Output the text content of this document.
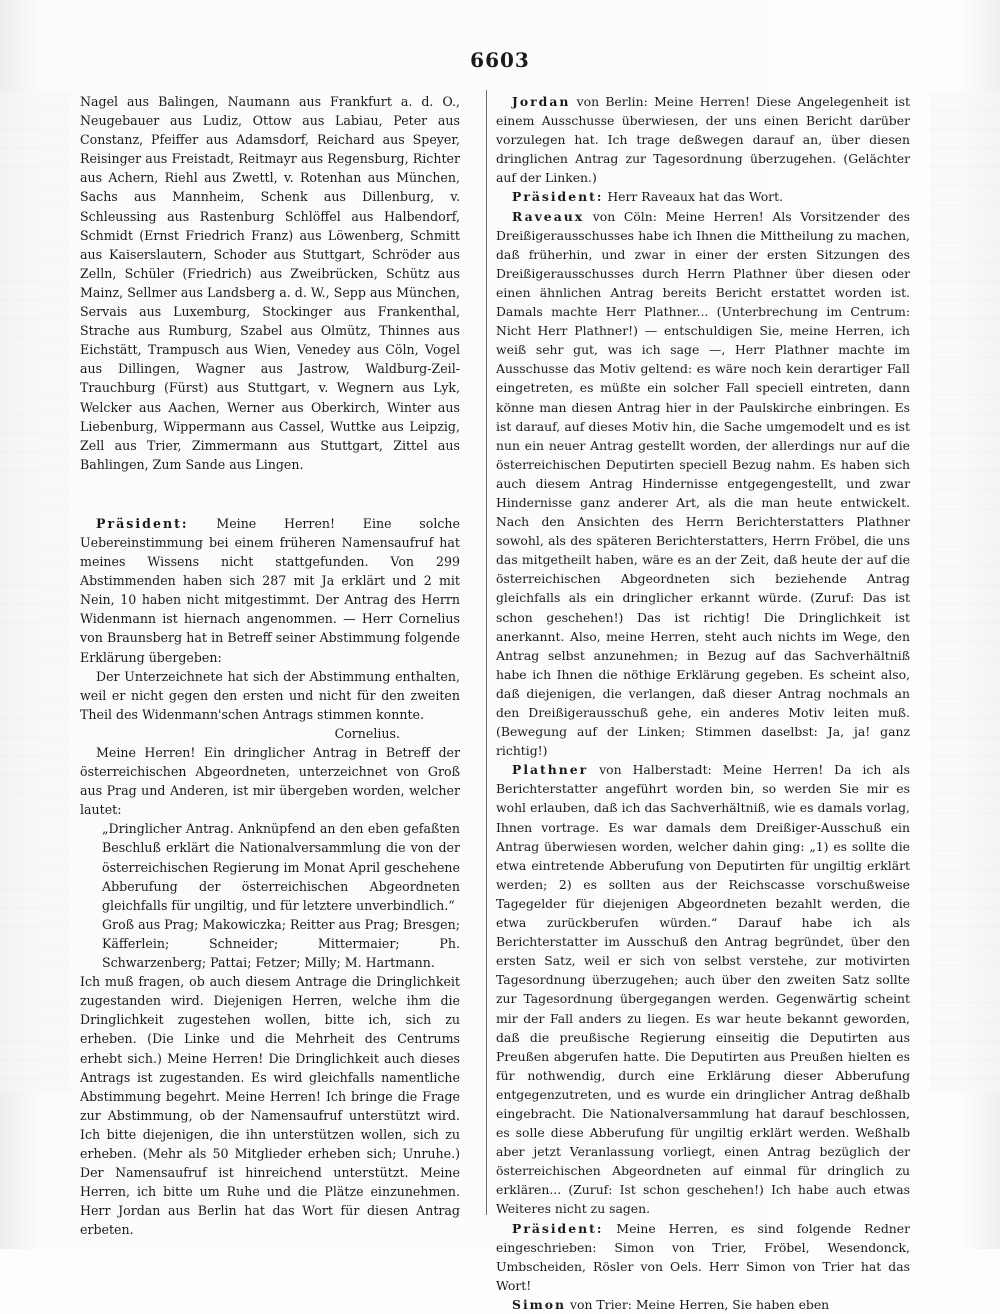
6603

Nagel aus Balingen, Naumann aus Frankfurt a. d. O., Neugebauer aus Ludiz, Ottow aus Labiau, Peter aus Constanz, Pfeiffer aus Adamsdorf, Reichard aus Speyer, Reisinger aus Freistadt, Reitmayr aus Regensburg, Richter aus Achern, Riehl aus Zwettl, v. Rotenhan aus München, Sachs aus Mannheim, Schenk aus Dillenburg, v. Schleussing aus Rastenburg Schlöffel aus Halbendorf, Schmidt (Ernst Friedrich Franz) aus Löwenberg, Schmitt aus Kaiserslautern, Schoder aus Stuttgart, Schröder aus Zelln, Schüler (Friedrich) aus Zweibrücken, Schütz aus Mainz, Sellmer aus Landsberg a. d. W., Sepp aus München, Servais aus Luxemburg, Stockinger aus Frankenthal, Strache aus Rumburg, Szabel aus Olmütz, Thinnes aus Eichstätt, Trampusch aus Wien, Venedey aus Cöln, Vogel aus Dillingen, Wagner aus Jastrow, Waldburg-Zeil-Trauchburg (Fürst) aus Stuttgart, v. Wegnern aus Lyk, Welcker aus Aachen, Werner aus Oberkirch, Winter aus Liebenburg, Wippermann aus Cassel, Wuttke aus Leipzig, Zell aus Trier, Zimmermann aus Stuttgart, Zittel aus Bahlingen, Zum Sande aus Lingen.

Präsident: Meine Herren! Eine solche Uebereinstimmung bei einem früheren Namensaufruf hat meines Wissens nicht stattgefunden. Von 299 Abstimmenden haben sich 287 mit Ja erklärt und 2 mit Nein, 10 haben nicht mitgestimmt. Der Antrag des Herrn Widenmann ist hiernach angenommen. — Herr Cornelius von Braunsberg hat in Betreff seiner Abstimmung folgende Erklärung übergeben:

Der Unterzeichnete hat sich der Abstimmung enthalten, weil er nicht gegen den ersten und nicht für den zweiten Theil des Widenmann'schen Antrags stimmen konnte.

Cornelius.

Meine Herren! Ein dringlicher Antrag in Betreff der österreichischen Abgeordneten, unterzeichnet von Groß aus Prag und Anderen, ist mir übergeben worden, welcher lautet:

„Dringlicher Antrag. Anknüpfend an den eben gefaßten Beschluß erklärt die Nationalversammlung die von der österreichischen Regierung im Monat April geschehene Abberufung der österreichischen Abgeordneten gleichfalls für ungiltig, und für letztere unverbindlich.“

Groß aus Prag; Makowiczka; Reitter aus Prag; Bresgen; Käfferlein; Schneider; Mittermaier; Ph. Schwarzenberg; Pattai; Fetzer; Milly; M. Hartmann.

Ich muß fragen, ob auch diesem Antrage die Dringlichkeit zugestanden wird. Diejenigen Herren, welche ihm die Dringlichkeit zugestehen wollen, bitte ich, sich zu erheben. (Die Linke und die Mehrheit des Centrums erhebt sich.) Meine Herren! Die Dringlichkeit auch dieses Antrags ist zugestanden. Es wird gleichfalls namentliche Abstimmung begehrt. Meine Herren! Ich bringe die Frage zur Abstimmung, ob der Namensaufruf unterstützt wird. Ich bitte diejenigen, die ihn unterstützen wollen, sich zu erheben. (Mehr als 50 Mitglieder erheben sich; Unruhe.) Der Namensaufruf ist hinreichend unterstützt. Meine Herren, ich bitte um Ruhe und die Plätze einzunehmen. Herr Jordan aus Berlin hat das Wort für diesen Antrag erbeten.

Jordan von Berlin: Meine Herren! Diese Angelegenheit ist einem Ausschusse überwiesen, der uns einen Bericht darüber vorzulegen hat. Ich trage deßwegen darauf an, über diesen dringlichen Antrag zur Tagesordnung überzugehen. (Gelächter auf der Linken.)

Präsident: Herr Raveaux hat das Wort.

Raveaux von Cöln: Meine Herren! Als Vorsitzender des Dreißigerausschusses habe ich Ihnen die Mittheilung zu machen, daß früherhin, und zwar in einer der ersten Sitzungen des Dreißigerausschusses durch Herrn Plathner über diesen oder einen ähnlichen Antrag bereits Bericht erstattet worden ist. Damals machte Herr Plathner... (Unterbrechung im Centrum: Nicht Herr Plathner!) — entschuldigen Sie, meine Herren, ich weiß sehr gut, was ich sage —, Herr Plathner machte im Ausschusse das Motiv geltend: es wäre noch kein derartiger Fall eingetreten, es müßte ein solcher Fall speciell eintreten, dann könne man diesen Antrag hier in der Paulskirche einbringen. Es ist darauf, auf dieses Motiv hin, die Sache umgemodelt und es ist nun ein neuer Antrag gestellt worden, der allerdings nur auf die österreichischen Deputirten speciell Bezug nahm. Es haben sich auch diesem Antrag Hindernisse entgegengestellt, und zwar Hindernisse ganz anderer Art, als die man heute entwickelt. Nach den Ansichten des Herrn Berichterstatters Plathner sowohl, als des späteren Berichterstatters, Herrn Fröbel, die uns das mitgetheilt haben, wäre es an der Zeit, daß heute der auf die österreichischen Abgeordneten sich beziehende Antrag gleichfalls als ein dringlicher erkannt würde. (Zuruf: Das ist schon geschehen!) Das ist richtig! Die Dringlichkeit ist anerkannt. Also, meine Herren, steht auch nichts im Wege, den Antrag selbst anzunehmen; in Bezug auf das Sachverhältniß habe ich Ihnen die nöthige Erklärung gegeben. Es scheint also, daß diejenigen, die verlangen, daß dieser Antrag nochmals an den Dreißigerausschuß gehe, ein anderes Motiv leiten muß. (Bewegung auf der Linken; Stimmen daselbst: Ja, ja! ganz richtig!)

Plathner von Halberstadt: Meine Herren! Da ich als Berichterstatter angeführt worden bin, so werden Sie mir es wohl erlauben, daß ich das Sachverhältniß, wie es damals vorlag, Ihnen vortrage. Es war damals dem Dreißiger-Ausschuß ein Antrag überwiesen worden, welcher dahin ging: „1) es sollte die etwa eintretende Abberufung von Deputirten für ungiltig erklärt werden; 2) es sollten aus der Reichscasse vorschußweise Tagegelder für diejenigen Abgeordneten bezahlt werden, die etwa zurückberufen würden.“ Darauf habe ich als Berichterstatter im Ausschuß den Antrag begründet, über den ersten Satz, weil er sich von selbst verstehe, zur motivirten Tagesordnung überzugehen; auch über den zweiten Satz sollte zur Tagesordnung übergegangen werden. Gegenwärtig scheint mir der Fall anders zu liegen. Es war heute bekannt geworden, daß die preußische Regierung einseitig die Deputirten aus Preußen abgerufen hatte. Die Deputirten aus Preußen hielten es für nothwendig, durch eine Erklärung dieser Abberufung entgegenzutreten, und es wurde ein dringlicher Antrag deßhalb eingebracht. Die Nationalversammlung hat darauf beschlossen, es solle diese Abberufung für ungiltig erklärt werden. Weßhalb aber jetzt Veranlassung vorliegt, einen Antrag bezüglich der österreichischen Abgeordneten auf einmal für dringlich zu erklären... (Zuruf: Ist schon geschehen!) Ich habe auch etwas Weiteres nicht zu sagen.

Präsident: Meine Herren, es sind folgende Redner eingeschrieben: Simon von Trier, Fröbel, Wesendonck, Umbscheiden, Rösler von Oels. Herr Simon von Trier hat das Wort!

Simon von Trier: Meine Herren, Sie haben eben
